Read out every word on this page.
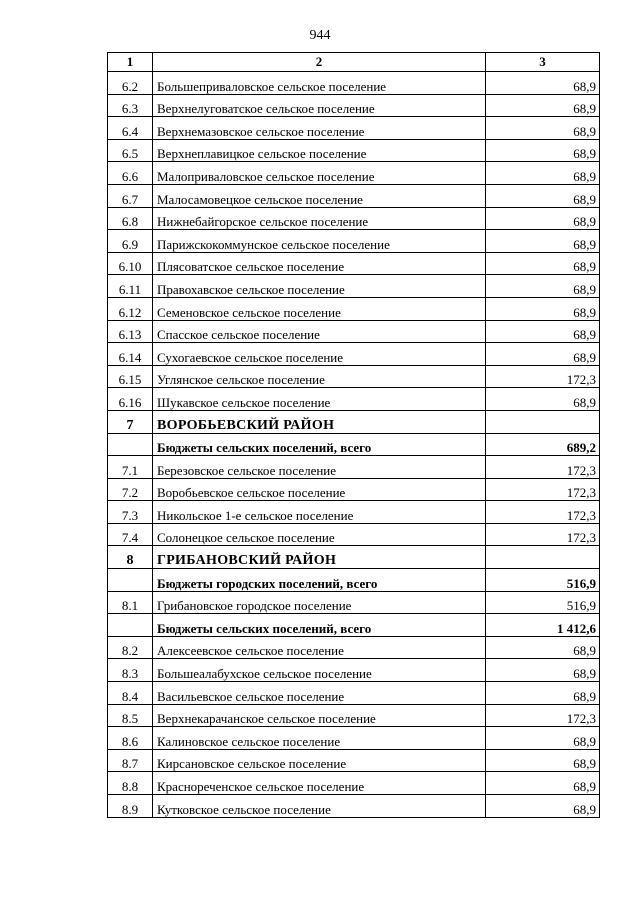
944
1	2	3
6.2	Большеприваловское сельское поселение	68,9
6.3	Верхнелуговатское сельское поселение	68,9
6.4	Верхнемазовское сельское поселение	68,9
6.5	Верхнеплавицкое сельское поселение	68,9
6.6	Малоприваловское сельское поселение	68,9
6.7	Малосамовецкое сельское поселение	68,9
6.8	Нижнебайгорское сельское поселение	68,9
6.9	Парижскокоммунское сельское поселение	68,9
6.10	Плясоватское сельское поселение	68,9
6.11	Правохавское сельское поселение	68,9
6.12	Семеновское сельское поселение	68,9
6.13	Спасское сельское поселение	68,9
6.14	Сухогаевское сельское поселение	68,9
6.15	Углянское сельское поселение	172,3
6.16	Шукавское сельское поселение	68,9
7	ВОРОБЬЕВСКИЙ РАЙОН	
	Бюджеты сельских поселений, всего	689,2
7.1	Березовское сельское поселение	172,3
7.2	Воробьевское сельское поселение	172,3
7.3	Никольское 1-е сельское поселение	172,3
7.4	Солонецкое сельское поселение	172,3
8	ГРИБАНОВСКИЙ РАЙОН	
	Бюджеты городских поселений, всего	516,9
8.1	Грибановское городское поселение	516,9
	Бюджеты сельских поселений, всего	1 412,6
8.2	Алексеевское сельское поселение	68,9
8.3	Большеалабухское сельское поселение	68,9
8.4	Васильевское сельское поселение	68,9
8.5	Верхнекарачанское сельское поселение	172,3
8.6	Калиновское сельское поселение	68,9
8.7	Кирсановское сельское поселение	68,9
8.8	Краснореченское сельское поселение	68,9
8.9	Кутковское сельское поселение	68,9
